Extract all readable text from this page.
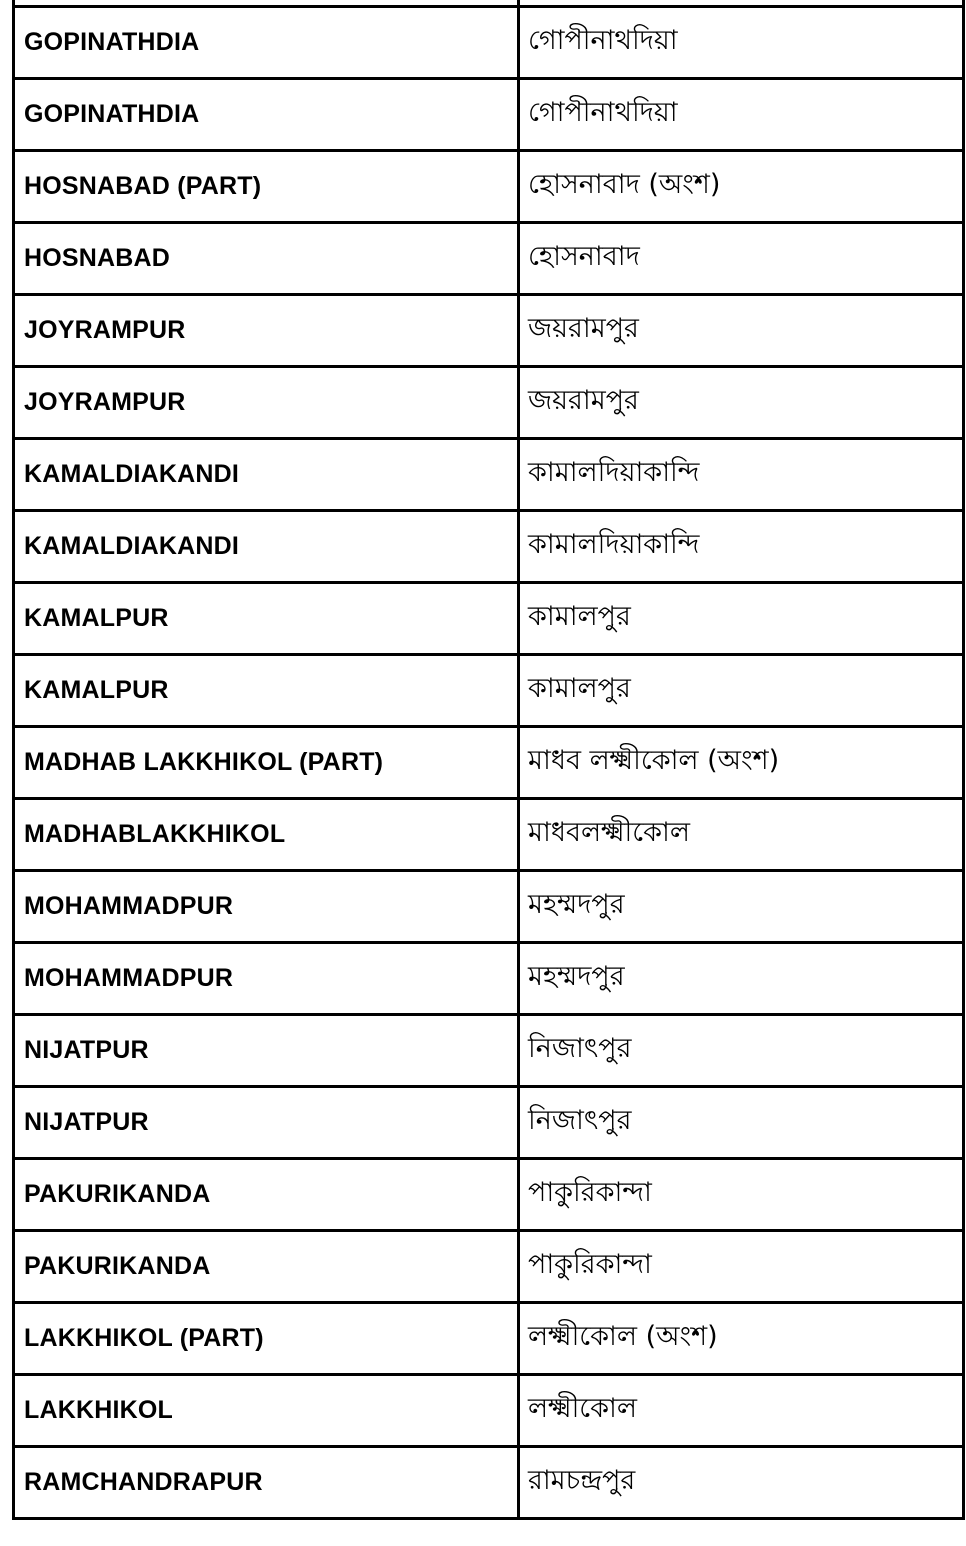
GOPINATHDIA	গোপীনাথদিয়া

GOPINATHDIA	গোপীনাথদিয়া

HOSNABAD (PART)	হোসনাবাদ (অংশ)

HOSNABAD	হোসনাবাদ

JOYRAMPUR	জয়রামপুর

JOYRAMPUR	জয়রামপুর

KAMALDIAKANDI	কামালদিয়াকান্দি

KAMALDIAKANDI	কামালদিয়াকান্দি

KAMALPUR	কামালপুর

KAMALPUR	কামালপুর

MADHAB LAKKHIKOL (PART)	মাধব লক্ষ্মীকোল (অংশ)

MADHABLAKKHIKOL	মাধবলক্ষ্মীকোল

MOHAMMADPUR	মহম্মদপুর

MOHAMMADPUR	মহম্মদপুর

NIJATPUR	নিজাৎপুর

NIJATPUR	নিজাৎপুর

PAKURIKANDA	পাকুরিকান্দা

PAKURIKANDA	পাকুরিকান্দা

LAKKHIKOL (PART)	লক্ষ্মীকোল (অংশ)

LAKKHIKOL	লক্ষ্মীকোল

RAMCHANDRAPUR	রামচন্দ্রপুর
